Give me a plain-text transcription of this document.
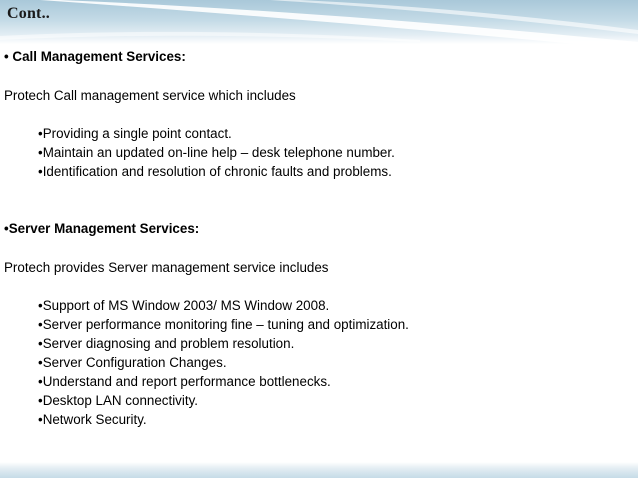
Cont..
• Call Management Services:
Protech Call management service which includes
•Providing a single point contact.
•Maintain an updated on-line help – desk telephone number.
•Identification and resolution of chronic faults and problems.
•Server Management Services:
Protech provides Server management service includes
•Support of MS Window 2003/ MS Window 2008.
•Server performance monitoring fine – tuning and optimization.
•Server diagnosing and problem resolution.
•Server Configuration Changes.
•Understand and report performance bottlenecks.
•Desktop LAN connectivity.
•Network Security.
